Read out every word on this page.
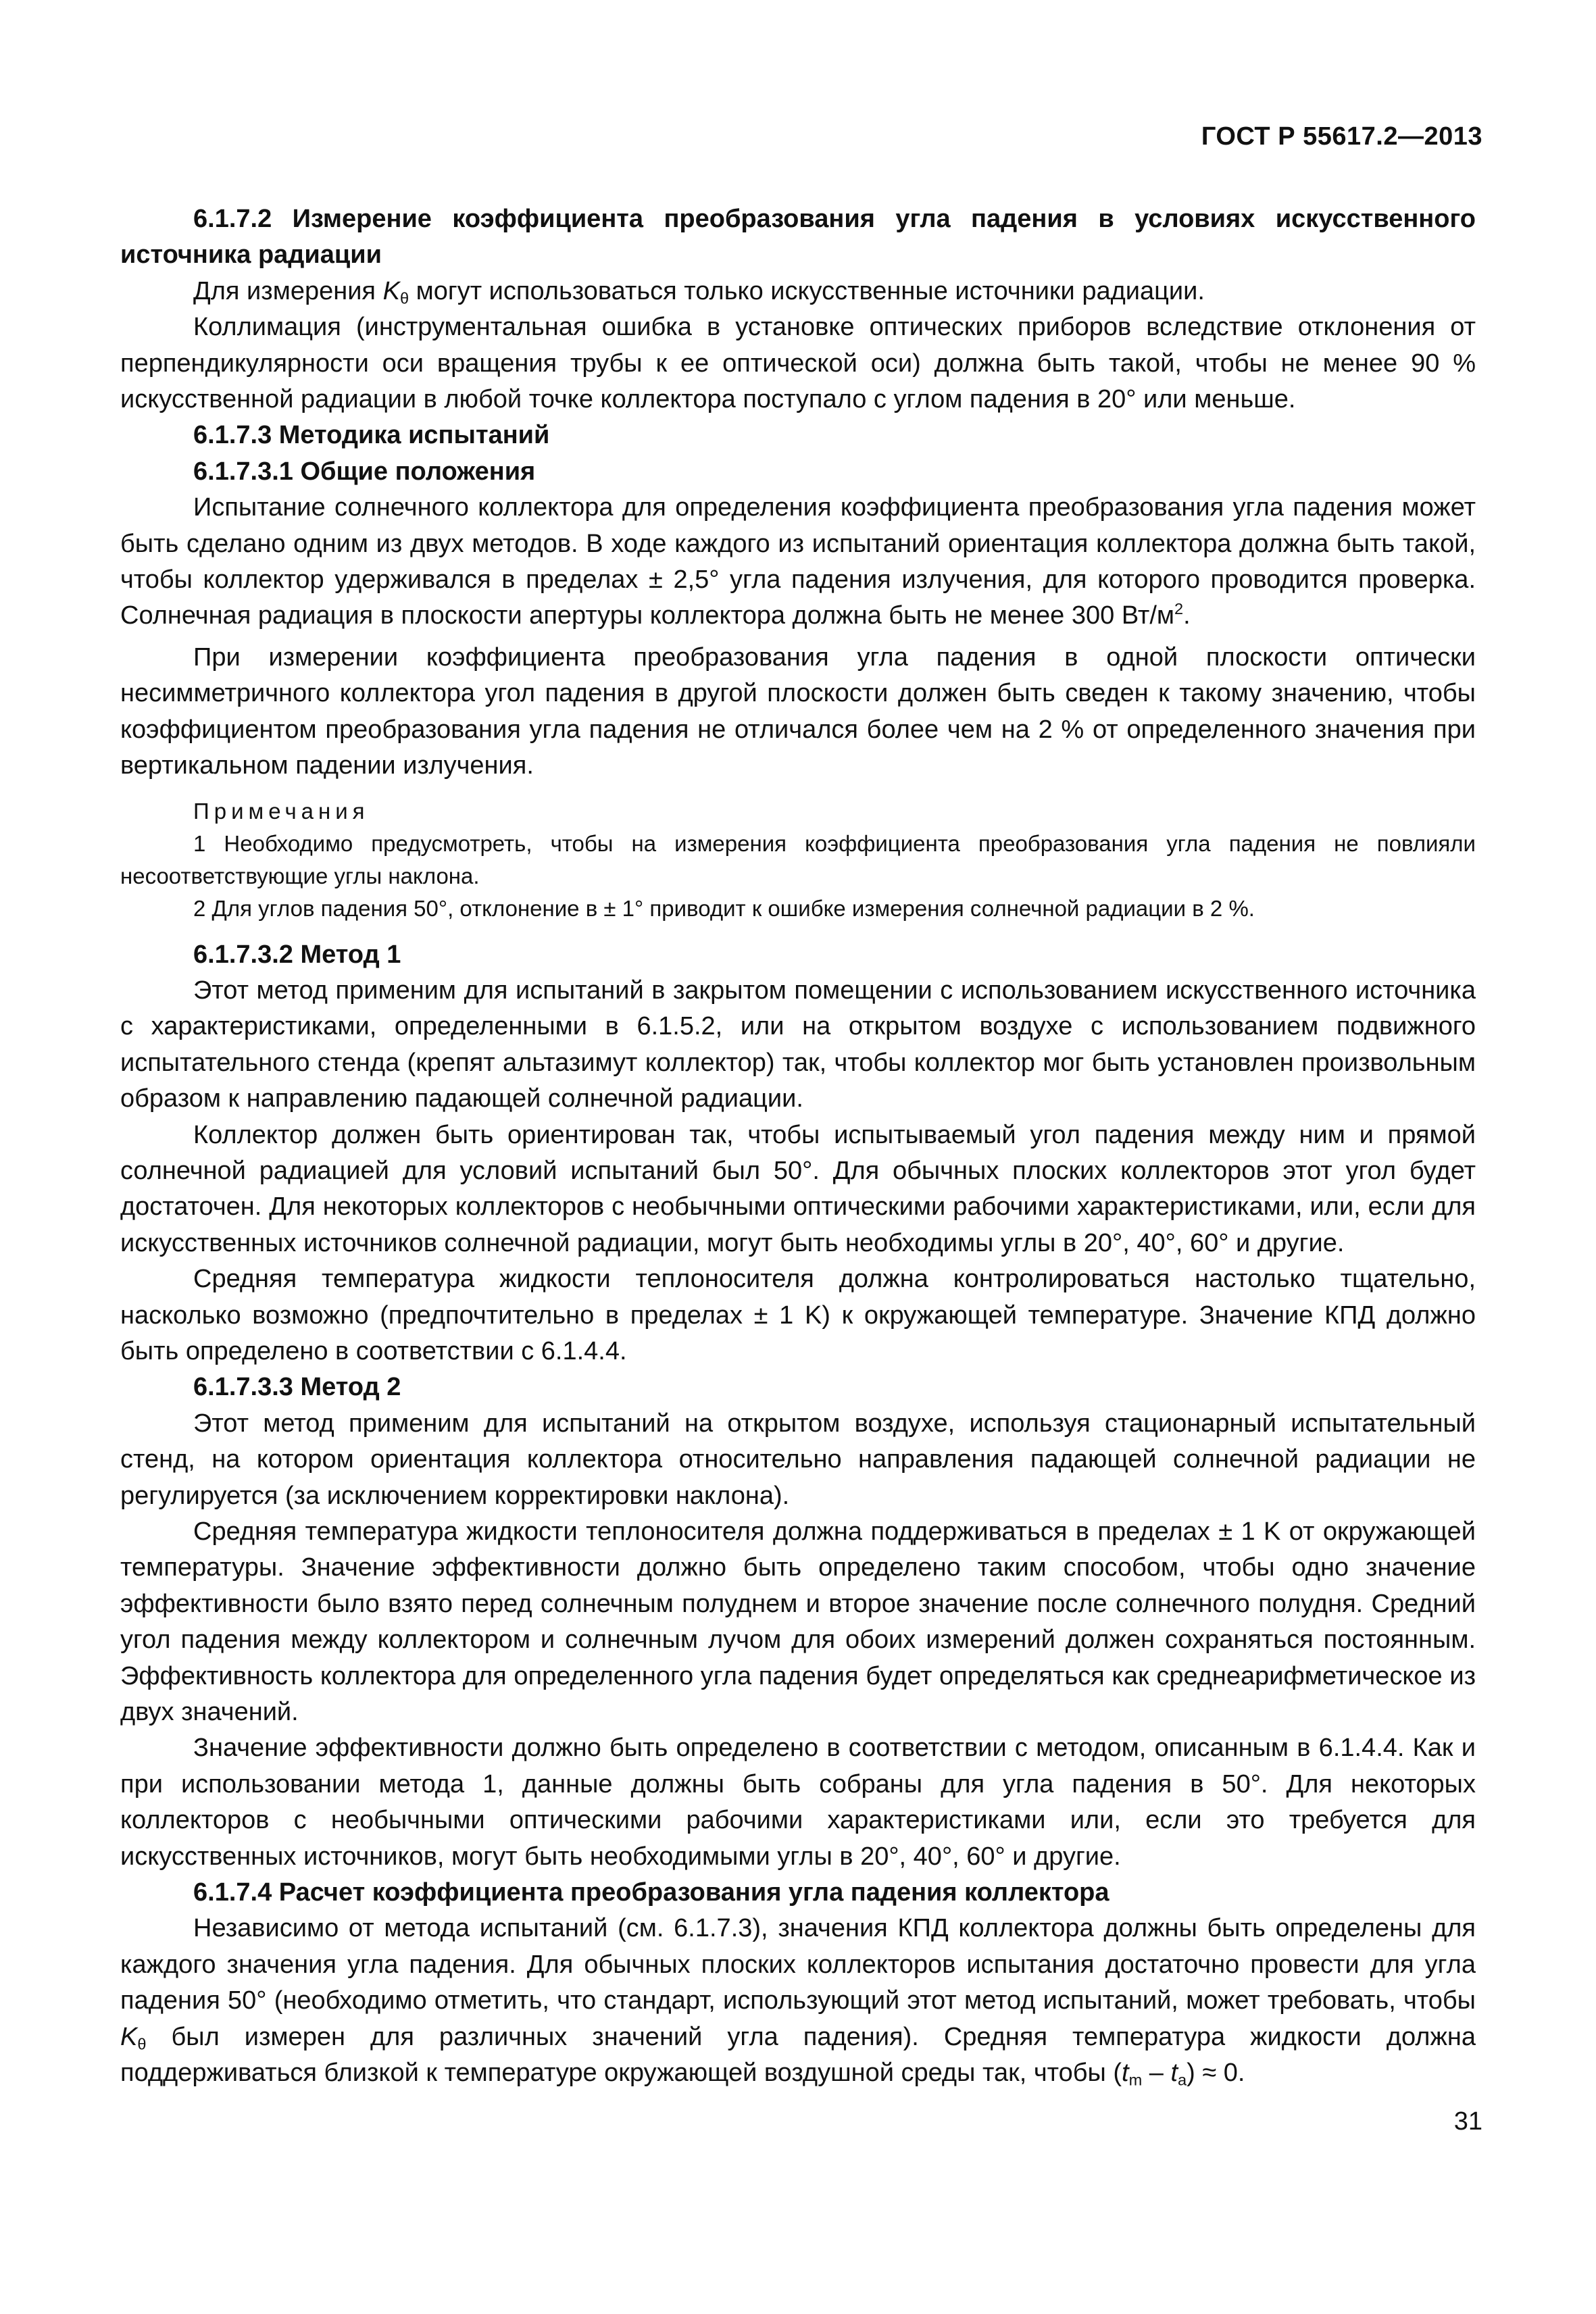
ГОСТ Р 55617.2—2013

6.1.7.2 Измерение коэффициента преобразования угла падения в условиях искусственного источника радиации

Для измерения $K_\theta$ могут использоваться только искусственные источники радиации.

Коллимация (инструментальная ошибка в установке оптических приборов вследствие отклонения от перпендикулярности оси вращения трубы к ее оптической оси) должна быть такой, чтобы не менее 90 % искусственной радиации в любой точке коллектора поступало с углом падения в 20° или меньше.

6.1.7.3 Методика испытаний

6.1.7.3.1 Общие положения

Испытание солнечного коллектора для определения коэффициента преобразования угла падения может быть сделано одним из двух методов. В ходе каждого из испытаний ориентация коллектора должна быть такой, чтобы коллектор удерживался в пределах ± 2,5° угла падения излучения, для которого проводится проверка. Солнечная радиация в плоскости апертуры коллектора должна быть не менее 300 $Вт/м^2$.

При измерении коэффициента преобразования угла падения в одной плоскости оптически несимметричного коллектора угол падения в другой плоскости должен быть сведен к такому значению, чтобы коэффициентом преобразования угла падения не отличался более чем на 2 % от определенного значения при вертикальном падении излучения.

Примечания

1 Необходимо предусмотреть, чтобы на измерения коэффициента преобразования угла падения не повлияли несоответствующие углы наклона.

2 Для углов падения 50°, отклонение в ± 1° приводит к ошибке измерения солнечной радиации в 2 %.

6.1.7.3.2 Метод 1

Этот метод применим для испытаний в закрытом помещении с использованием искусственного источника с характеристиками, определенными в 6.1.5.2, или на открытом воздухе с использованием подвижного испытательного стенда (крепят альтазимут коллектор) так, чтобы коллектор мог быть установлен произвольным образом к направлению падающей солнечной радиации.

Коллектор должен быть ориентирован так, чтобы испытываемый угол падения между ним и прямой солнечной радиацией для условий испытаний был 50°. Для обычных плоских коллекторов этот угол будет достаточен. Для некоторых коллекторов с необычными оптическими рабочими характеристиками, или, если для искусственных источников солнечной радиации, могут быть необходимы углы в 20°, 40°, 60° и другие.

Средняя температура жидкости теплоносителя должна контролироваться настолько тщательно, насколько возможно (предпочтительно в пределах ± 1 K) к окружающей температуре. Значение КПД должно быть определено в соответствии с 6.1.4.4.

6.1.7.3.3 Метод 2

Этот метод применим для испытаний на открытом воздухе, используя стационарный испытательный стенд, на котором ориентация коллектора относительно направления падающей солнечной радиации не регулируется (за исключением корректировки наклона).

Средняя температура жидкости теплоносителя должна поддерживаться в пределах ± 1 K от окружающей температуры. Значение эффективности должно быть определено таким способом, чтобы одно значение эффективности было взято перед солнечным полуднем и второе значение после солнечного полудня. Средний угол падения между коллектором и солнечным лучом для обоих измерений должен сохраняться постоянным. Эффективность коллектора для определенного угла падения будет определяться как среднеарифметическое из двух значений.

Значение эффективности должно быть определено в соответствии с методом, описанным в 6.1.4.4. Как и при использовании метода 1, данные должны быть собраны для угла падения в 50°. Для некоторых коллекторов с необычными оптическими рабочими характеристиками или, если это требуется для искусственных источников, могут быть необходимыми углы в 20°, 40°, 60° и другие.

6.1.7.4 Расчет коэффициента преобразования угла падения коллектора

Независимо от метода испытаний (см. 6.1.7.3), значения КПД коллектора должны быть определены для каждого значения угла падения. Для обычных плоских коллекторов испытания достаточно провести для угла падения 50° (необходимо отметить, что стандарт, использующий этот метод испытаний, может требовать, чтобы $K_\theta$ был измерен для различных значений угла падения). Средняя температура жидкости должна поддерживаться близкой к температуре окружающей воздушной среды так, чтобы $(t_m - t_a) \approx 0$.

31
